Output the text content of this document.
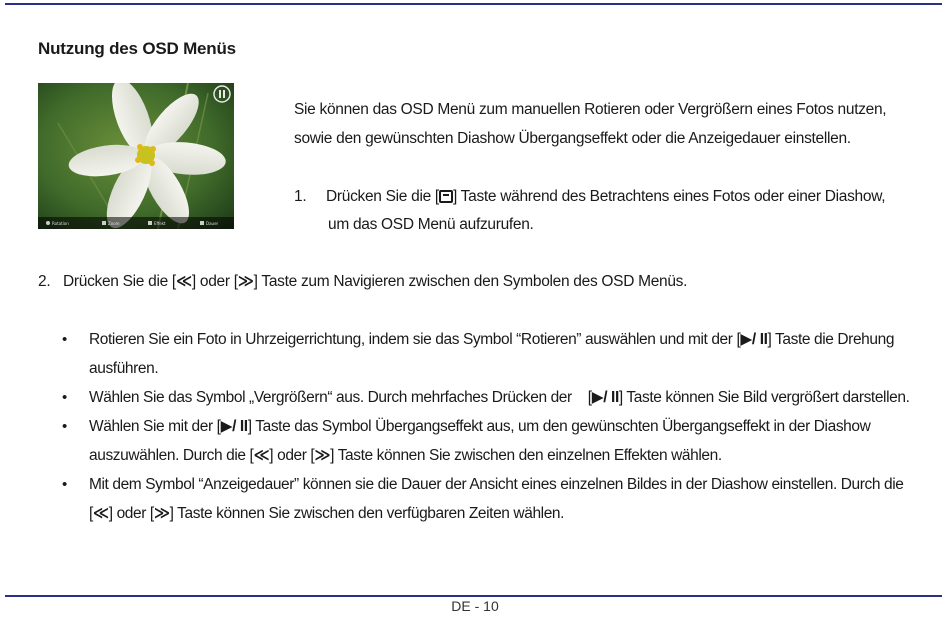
Nutzung des OSD Menüs
Rotation	Zoom	Effekt	Dauer
Sie können das OSD Menü zum manuellen Rotieren oder Vergrößern eines Fotos nutzen,
sowie den gewünschten Diashow Übergangseffekt oder die Anzeigedauer einstellen.
1. Drücken Sie die [ ] Taste während des Betrachtens eines Fotos oder einer Diashow,
um das OSD Menü aufzurufen.
2. Drücken Sie die [≪] oder [≫] Taste zum Navigieren zwischen den Symbolen des OSD Menüs.
• Rotieren Sie ein Foto in Uhrzeigerrichtung, indem sie das Symbol “Rotieren” auswählen und mit der [▶/ II] Taste die Drehung
ausführen.
• Wählen Sie das Symbol „Vergrößern“ aus. Durch mehrfaches Drücken der [▶/ II] Taste können Sie Bild vergrößert darstellen.
• Wählen Sie mit der [▶/ II] Taste das Symbol Übergangseffekt aus, um den gewünschten Übergangseffekt in der Diashow
auszuwählen. Durch die [≪] oder [≫] Taste können Sie zwischen den einzelnen Effekten wählen.
• Mit dem Symbol “Anzeigedauer” können sie die Dauer der Ansicht eines einzelnen Bildes in der Diashow einstellen. Durch die
[≪] oder [≫] Taste können Sie zwischen den verfügbaren Zeiten wählen.
DE - 10
